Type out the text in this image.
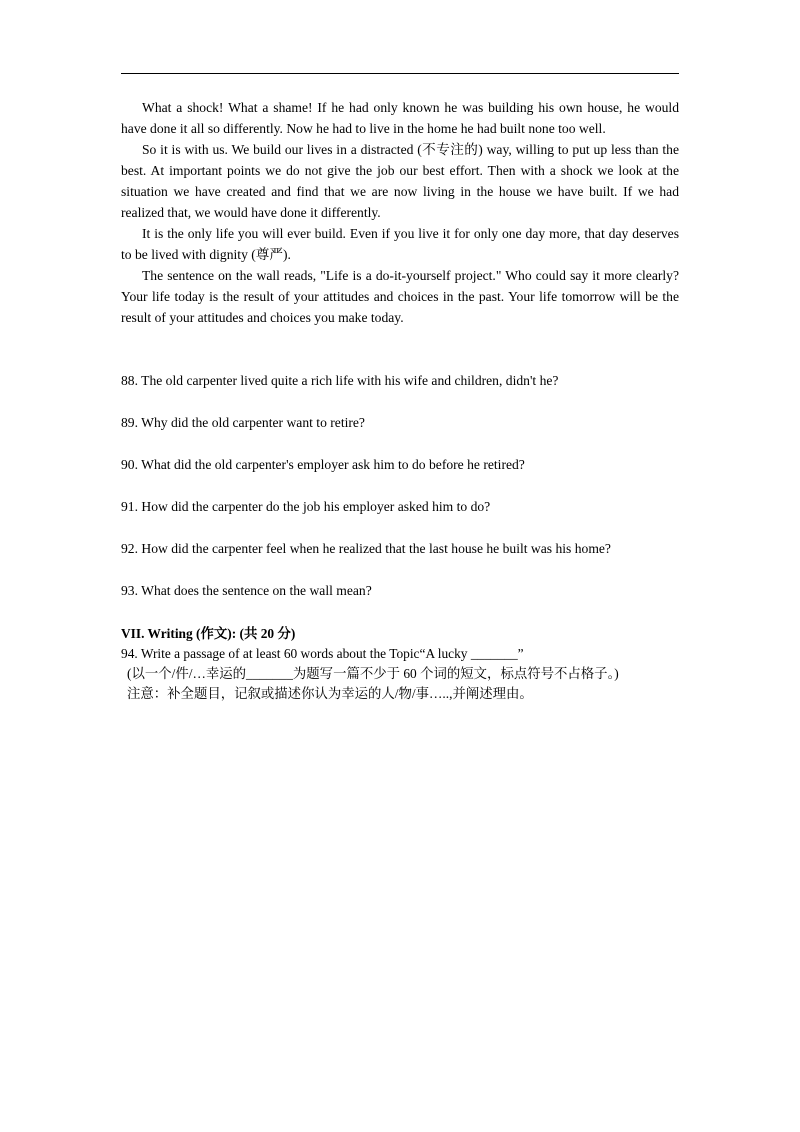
What a shock! What a shame! If he had only known he was building his own house, he would have done it all so differently. Now he had to live in the home he had built none too well.

So it is with us. We build our lives in a distracted (不专注的) way, willing to put up less than the best. At important points we do not give the job our best effort. Then with a shock we look at the situation we have created and find that we are now living in the house we have built. If we had realized that, we would have done it differently.

It is the only life you will ever build. Even if you live it for only one day more, that day deserves to be lived with dignity (尊严).

The sentence on the wall reads, "Life is a do-it-yourself project." Who could say it more clearly? Your life today is the result of your attitudes and choices in the past. Your life tomorrow will be the result of your attitudes and choices you make today.

88. The old carpenter lived quite a rich life with his wife and children, didn't he?

89. Why did the old carpenter want to retire?

90. What did the old carpenter's employer ask him to do before he retired?

91. How did the carpenter do the job his employer asked him to do?

92. How did the carpenter feel when he realized that the last house he built was his home?

93. What does the sentence on the wall mean?

VII. Writing (作文): (共 20 分)

94. Write a passage of at least 60 words about the Topic“A lucky _______”

(以一个/件/…幸运的_______为题写一篇不少于 60 个词的短文，标点符号不占格子。)

注意：补全题目，记叙或描述你认为幸运的人/物/事…..,并阐述理由。
